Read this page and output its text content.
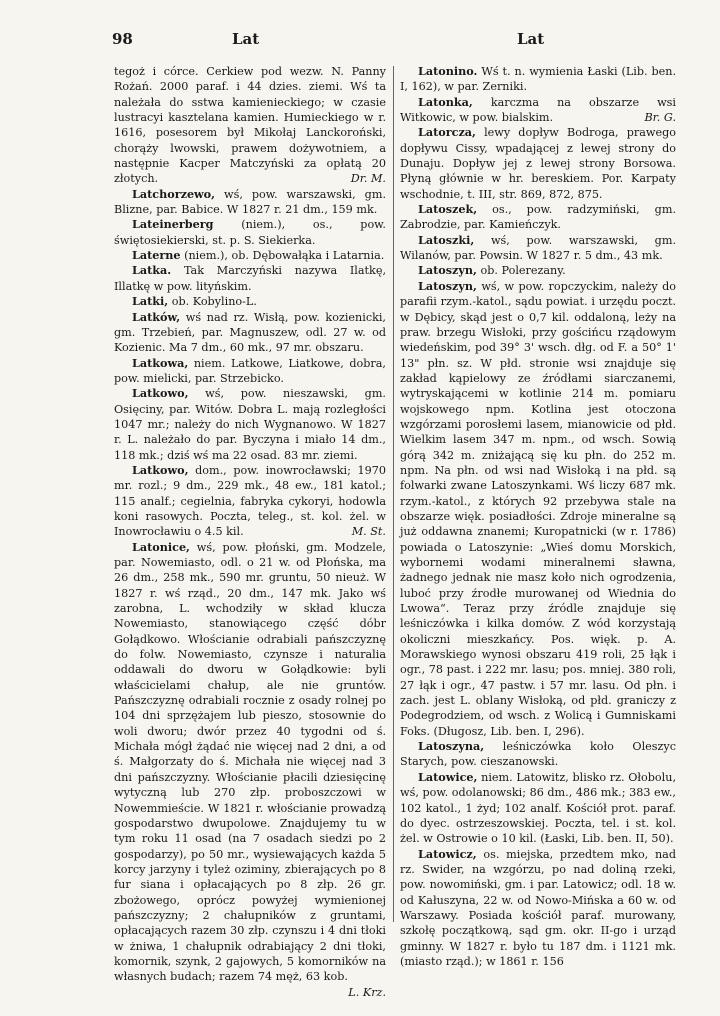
98	Lat	Lat

tegoż i córce. Cerkiew pod wezw. N. Panny Rożań. 2000 paraf. i 44 dzies. ziemi. Wś ta należała do sstwa kamienieckiego; w czasie lustracyi kasztelana kamien. Humieckiego w r. 1616, posesorem był Mikołaj Lanckoroński, chorąży lwowski, prawem dożywotniem, a następnie Kacper Matczyński za opłatą 20 złotych.	Dr. M.

Latchorzewo, wś, pow. warszawski, gm. Blizne, par. Babice. W 1827 r. 21 dm., 159 mk.

Lateinerberg (niem.), os., pow. świętosiekierski, st. p. S. Siekierka.

Laterne (niem.), ob. Dębowałąka i Latarnia.

Latka. Tak Marczyński nazywa Ilatkę, Illatkę w pow. lityńskim.

Latki, ob. Kobylino-L.

Latków, wś nad rz. Wisłą, pow. kozienicki, gm. Trzebień, par. Magnuszew, odl. 27 w. od Kozienic. Ma 7 dm., 60 mk., 97 mr. obszaru.

Latkowa, niem. Latkowe, Liatkowe, dobra, pow. mielicki, par. Strzebicko.

Latkowo, wś, pow. nieszawski, gm. Osięciny, par. Witów. Dobra L. mają rozległości 1047 mr.; należy do nich Wygnanowo. W 1827 r. L. należało do par. Byczyna i miało 14 dm., 118 mk.; dziś wś ma 22 osad. 83 mr. ziemi.

Latkowo, dom., pow. inowrocławski; 1970 mr. rozl.; 9 dm., 229 mk., 48 ew., 181 katol.; 115 analf.; cegielnia, fabryka cykoryi, hodowla koni rasowych. Poczta, teleg., st. kol. żel. w Inowrocławiu o 4.5 kil.	M. St.

Latonice, wś, pow. płoński, gm. Modzele, par. Nowemiasto, odl. o 21 w. od Płońska, ma 26 dm., 258 mk., 590 mr. gruntu, 50 nieuż. W 1827 r. wś rząd., 20 dm., 147 mk. Jako wś zarobna, L. wchodziły w skład klucza Nowemiasto, stanowiącego część dóbr Gołądkowo. Włościanie odrabiali pańszczyznę do folw. Nowemiasto, czynsze i naturalia oddawali do dworu w Gołądkowie: byli właścicielami chałup, ale nie gruntów. Pańszczyznę odrabiali rocznie z osady rolnej po 104 dni sprzężajem lub pieszo, stosownie do woli dworu; dwór przez 40 tygodni od ś. Michała mógł żądać nie więcej nad 2 dni, a od ś. Małgorzaty do ś. Michała nie więcej nad 3 dni pańszczyzny. Włościanie płacili dziesięcinę wytyczną lub 270 złp. proboszczowi w Nowemmieście. W 1821 r. włościanie prowadzą gospodarstwo dwupolowe. Znajdujemy tu w tym roku 11 osad (na 7 osadach siedzi po 2 gospodarzy), po 50 mr., wysiewających każda 5 korcy jarzyny i tyleż oziminy, zbierających po 8 fur siana i opłacających po 8 złp. 26 gr. zbożowego, oprócz powyżej wymienionej pańszczyzny; 2 chałupników z gruntami, opłacających razem 30 złp. czynszu i 4 dni tłoki w żniwa, 1 chałupnik odrabiający 2 dni tłoki, komornik, szynk, 2 gajowych, 5 komorników na własnych budach; razem 74 męż, 63 kob.
L. Krz.

Latonino. Wś t. n. wymienia Łaski (Lib. ben. I, 162), w par. Zerniki.

Latonka, karczma na obszarze wsi Witkowic, w pow. bialskim.	Br. G.

Latorcza, lewy dopływ Bodroga, prawego dopływu Cissy, wpadającej z lewej strony do Dunaju. Dopływ jej z lewej strony Borsowa. Płyną głównie w hr. bereskiem. Por. Karpaty wschodnie, t. III, str. 869, 872, 875.

Latoszek, os., pow. radzymiński, gm. Zabrodzie, par. Kamieńczyk.

Latoszki, wś, pow. warszawski, gm. Wilanów, par. Powsin. W 1827 r. 5 dm., 43 mk.

Latoszyn, ob. Polerezany.

Latoszyn, wś, w pow. ropczyckim, należy do parafii rzym.-katol., sądu powiat. i urzędu poczt. w Dębicy, skąd jest o 0,7 kil. oddaloną, leży na praw. brzegu Wisłoki, przy gościńcu rządowym wiedeńskim, pod 39° 3' wsch. dłg. od F. a 50° 1' 13" płn. sz. W płd. stronie wsi znajduje się zakład kąpielowy ze źródłami siarczanemi, wytryskającemi w kotlinie 214 m. pomiaru wojskowego npm. Kotlina jest otoczona wzgórzami porosłemi lasem, mianowicie od płd. Wielkim lasem 347 m. npm., od wsch. Sowią górą 342 m. zniżającą się ku płn. do 252 m. npm. Na płn. od wsi nad Wisłoką i na płd. są folwarki zwane Latoszynkami. Wś liczy 687 mk. rzym.-katol., z których 92 przebywa stale na obszarze więk. posiadłości. Zdroje mineralne są już oddawna znanemi; Kuropatnicki (w r. 1786) powiada o Latoszynie: „Wieś domu Morskich, wybornemi wodami mineralnemi sławna, żadnego jednak nie masz koło nich ogrodzenia, luboć przy źrodłe murowanej od Wiednia do Lwowa“. Teraz przy źródle znajduje się leśniczówka i kilka domów. Z wód korzystają okoliczni mieszkańcy. Pos. więk. p. A. Morawskiego wynosi obszaru 419 roli, 25 łąk i ogr., 78 past. i 222 mr. lasu; pos. mniej. 380 roli, 27 łąk i ogr., 47 pastw. i 57 mr. lasu. Od płn. i zach. jest L. oblany Wisłoką, od płd. graniczy z Podegrodziem, od wsch. z Wolicą i Gumniskami Foks. (Długosz, Lib. ben. I, 296).

Latoszyna, leśniczówka koło Oleszyc Starych, pow. cieszanowski.

Latowice, niem. Latowitz, blisko rz. Ołobolu, wś, pow. odolanowski; 86 dm., 486 mk.; 383 ew., 102 katol., 1 żyd; 102 analf. Kościół prot. paraf. do dyec. ostrzeszowskiej. Poczta, tel. i st. kol. żel. w Ostrowie o 10 kil. (Łaski, Lib. ben. II, 50).

Latowicz, os. miejska, przedtem mko, nad rz. Swider, na wzgórzu, po nad doliną rzeki, pow. nowomiński, gm. i par. Latowicz; odl. 18 w. od Kałuszyna, 22 w. od Nowo-Mińska a 60 w. od Warszawy. Posiada kościół paraf. murowany, szkołę początkową, sąd gm. okr. II-go i urząd gminny. W 1827 r. było tu 187 dm. i 1121 mk. (miasto rząd.); w 1861 r. 156
